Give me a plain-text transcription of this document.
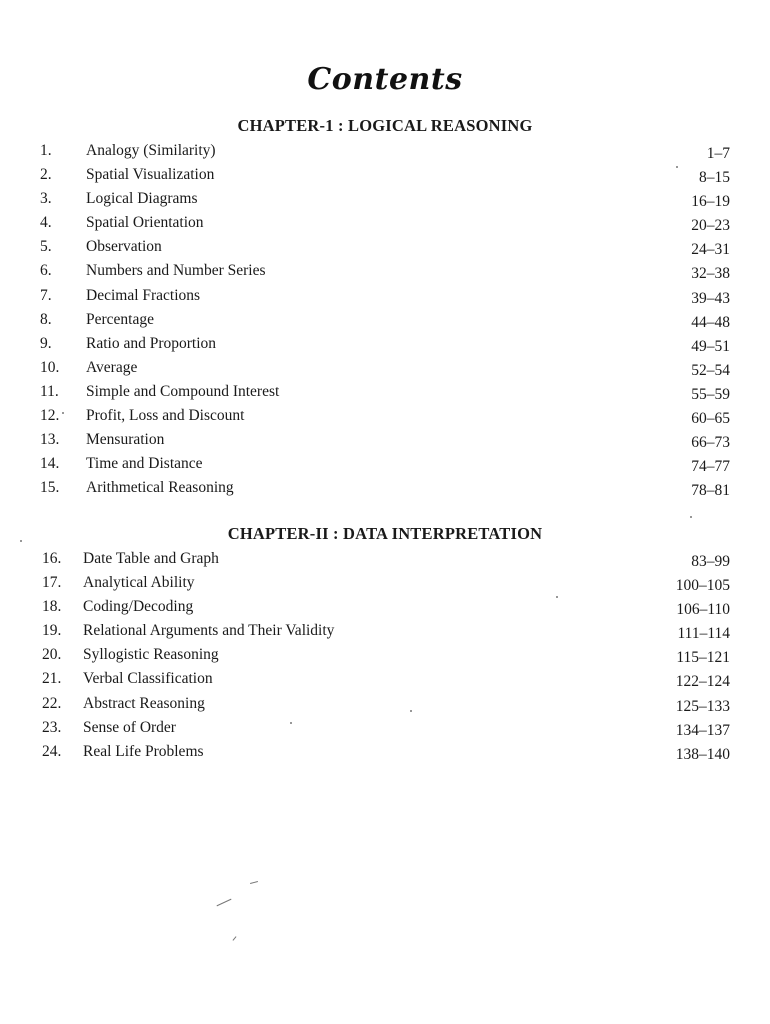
Contents
CHAPTER-1 : LOGICAL REASONING
1.	Analogy (Similarity)	1–7
2.	Spatial Visualization	8–15
3.	Logical Diagrams	16–19
4.	Spatial Orientation	20–23
5.	Observation	24–31
6.	Numbers and Number Series	32–38
7.	Decimal Fractions	39–43
8.	Percentage	44–48
9.	Ratio and Proportion	49–51
10.	Average	52–54
11.	Simple and Compound Interest	55–59
12.	Profit, Loss and Discount	60–65
13.	Mensuration	66–73
14.	Time and Distance	74–77
15.	Arithmetical Reasoning	78–81
CHAPTER-II : DATA INTERPRETATION
16.	Date Table and Graph	83–99
17.	Analytical Ability	100–105
18.	Coding/Decoding	106–110
19.	Relational Arguments and Their Validity	111–114
20.	Syllogistic Reasoning	115–121
21.	Verbal Classification	122–124
22.	Abstract Reasoning	125–133
23.	Sense of Order	134–137
24.	Real Life Problems	138–140
